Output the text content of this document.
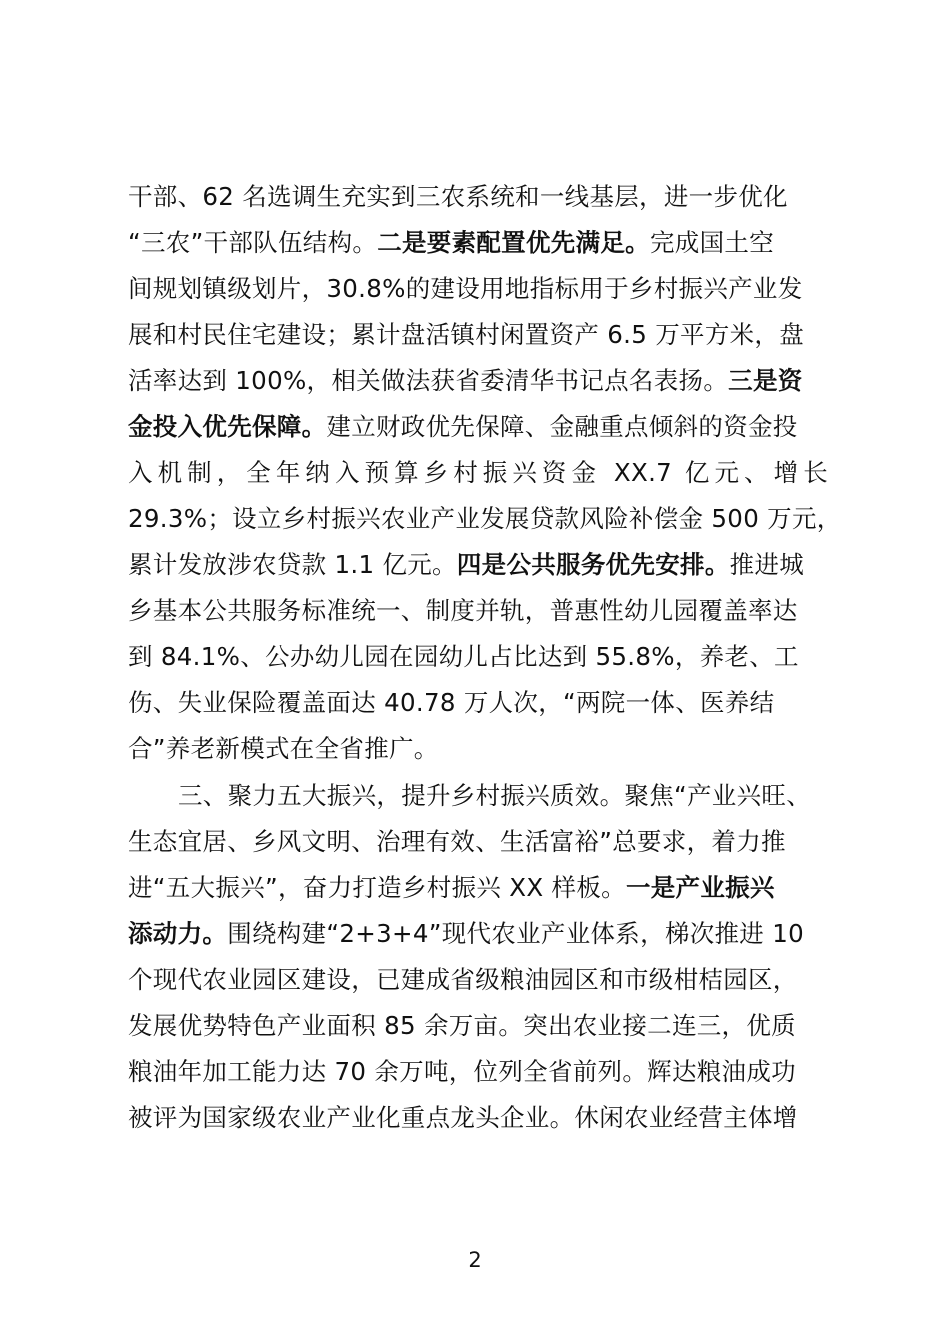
干部、62 名选调生充实到三农系统和一线基层，进一步优化
“三农”干部队伍结构。二是要素配置优先满足。完成国土空
间规划镇级划片，30.8%的建设用地指标用于乡村振兴产业发
展和村民住宅建设；累计盘活镇村闲置资产 6.5 万平方米，盘
活率达到 100%，相关做法获省委清华书记点名表扬。三是资
金投入优先保障。建立财政优先保障、金融重点倾斜的资金投
入机制，全年纳入预算乡村振兴资金 XX.7 亿元、增长
29.3%；设立乡村振兴农业产业发展贷款风险补偿金 500 万元，
累计发放涉农贷款 1.1 亿元。四是公共服务优先安排。推进城
乡基本公共服务标准统一、制度并轨，普惠性幼儿园覆盖率达
到 84.1%、公办幼儿园在园幼儿占比达到 55.8%，养老、工
伤、失业保险覆盖面达 40.78 万人次，“两院一体、医养结
合”养老新模式在全省推广。
三、聚力五大振兴，提升乡村振兴质效。聚焦“产业兴旺、
生态宜居、乡风文明、治理有效、生活富裕”总要求，着力推
进“五大振兴”，奋力打造乡村振兴 XX 样板。一是产业振兴
添动力。围绕构建“2+3+4”现代农业产业体系，梯次推进 10
个现代农业园区建设，已建成省级粮油园区和市级柑桔园区，
发展优势特色产业面积 85 余万亩。突出农业接二连三，优质
粮油年加工能力达 70 余万吨，位列全省前列。辉达粮油成功
被评为国家级农业产业化重点龙头企业。休闲农业经营主体增
2
